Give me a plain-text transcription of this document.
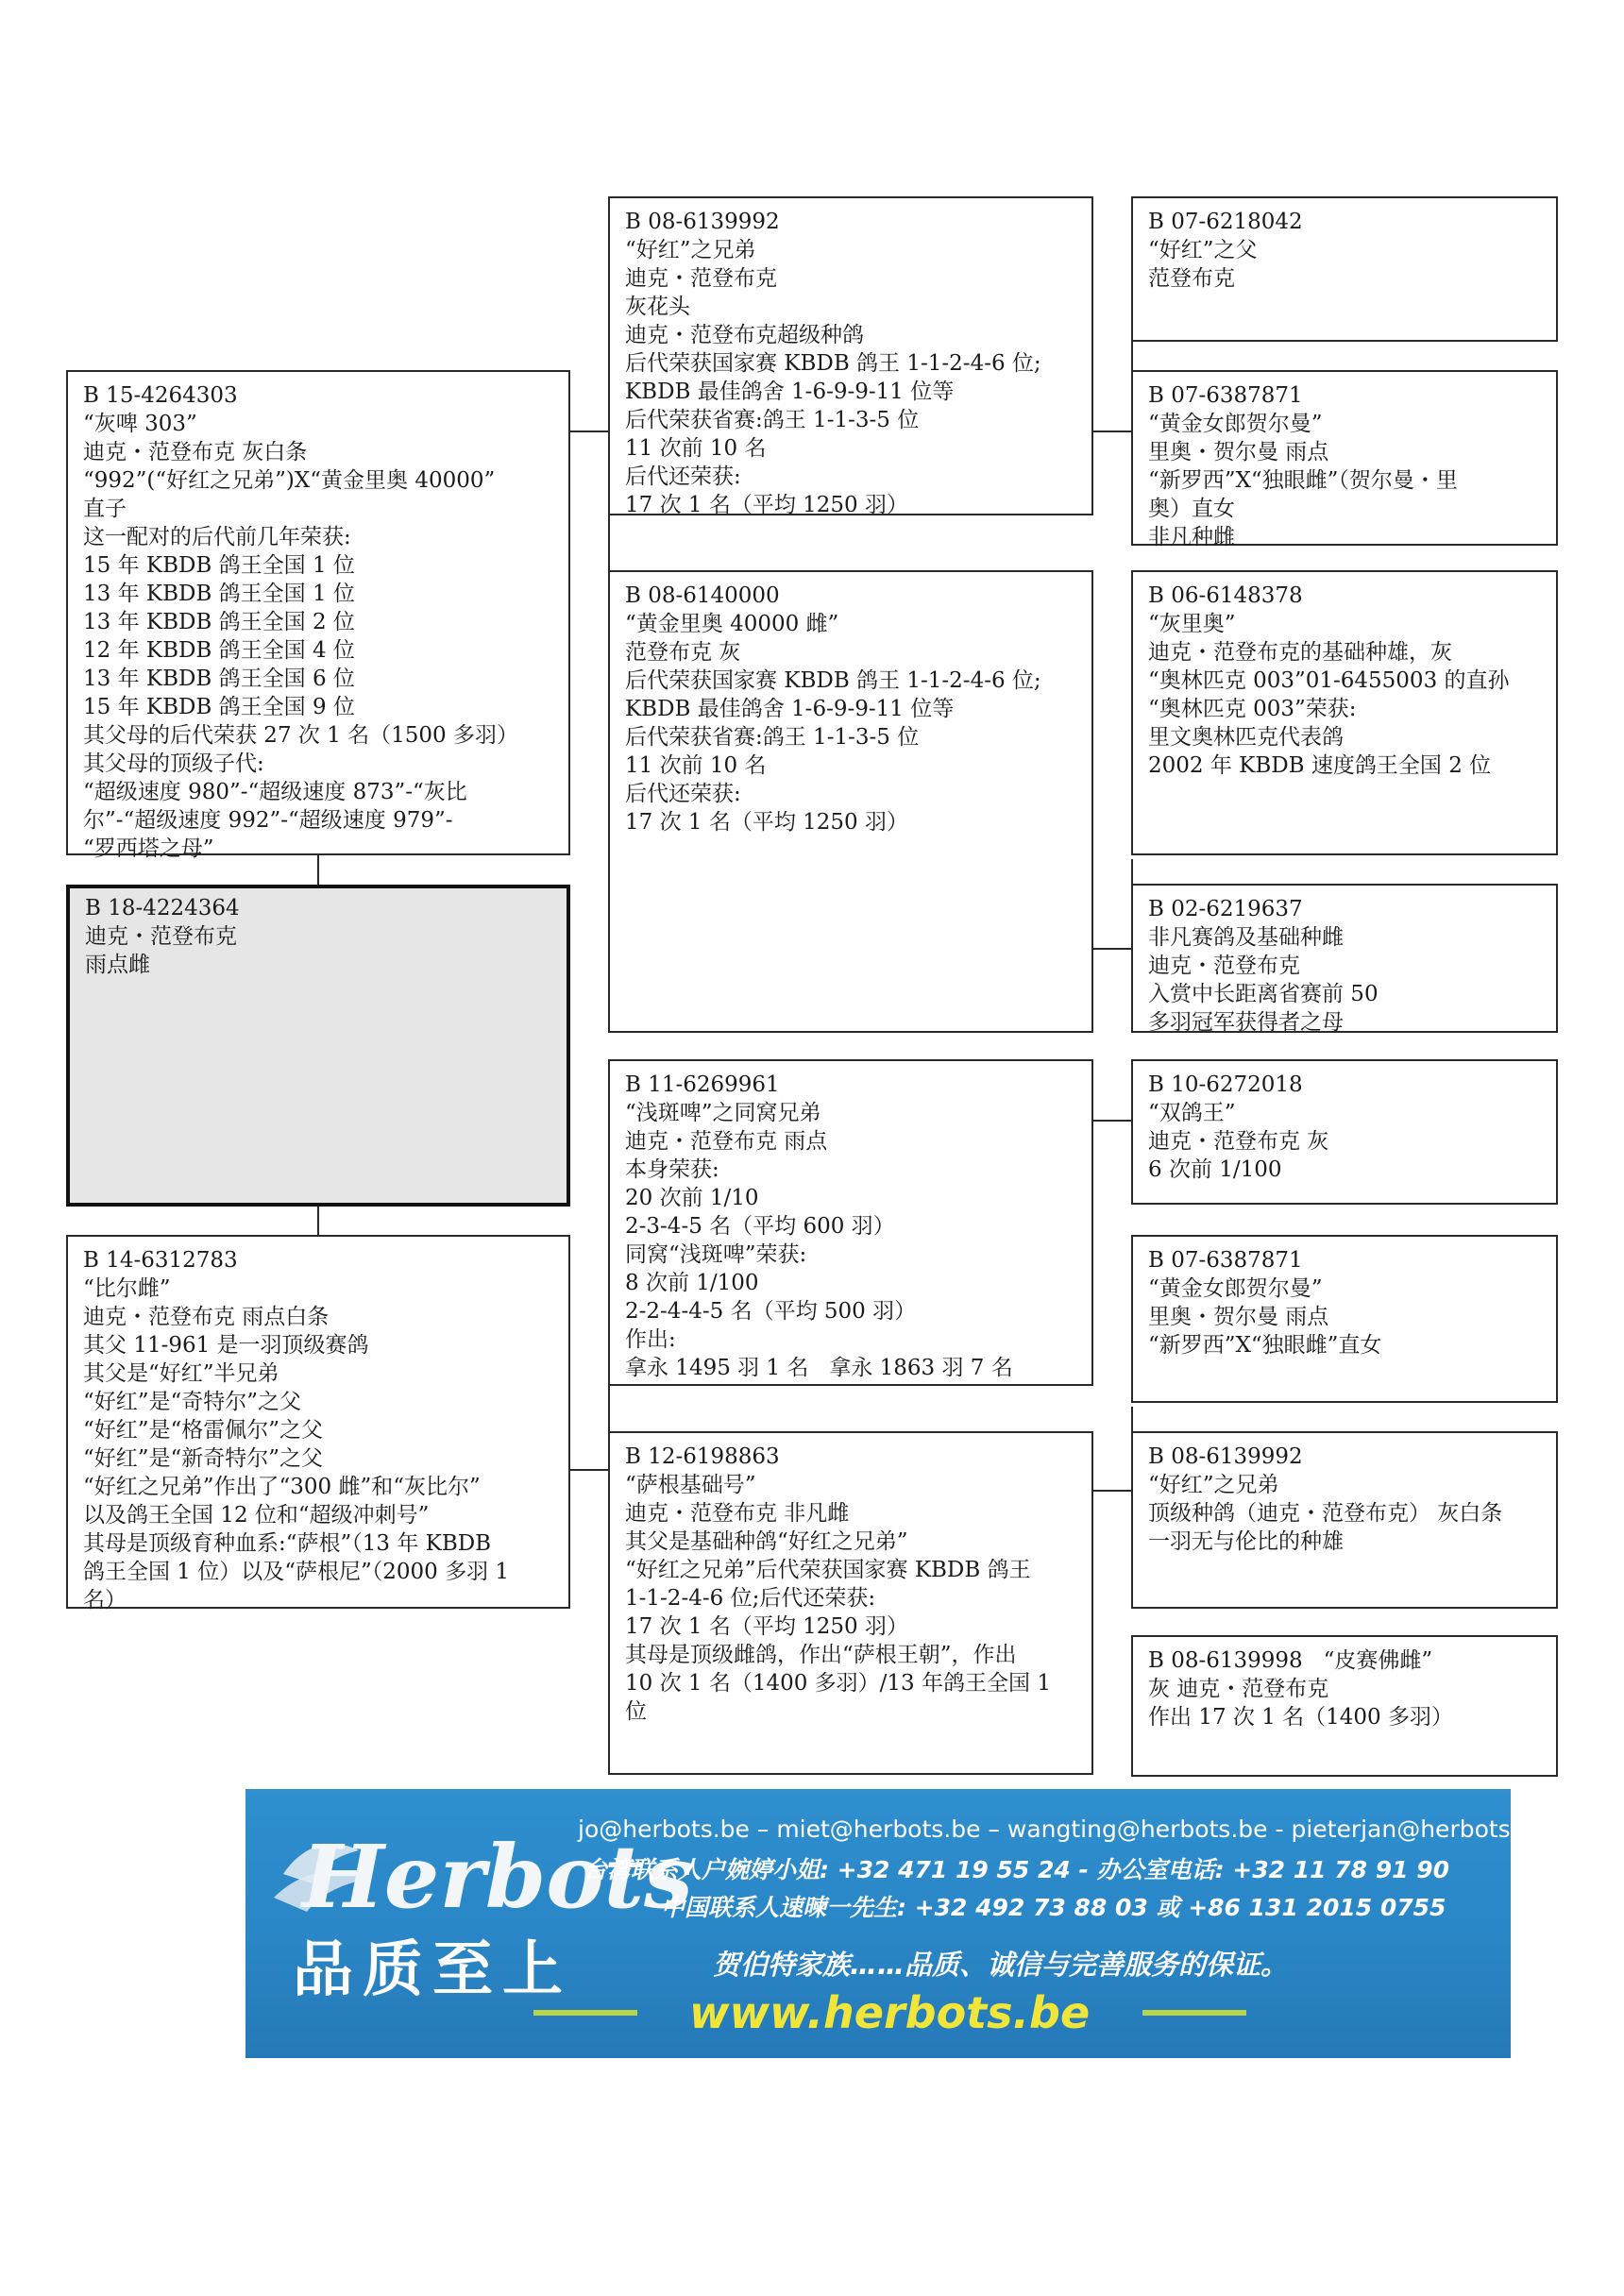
B 18-4224364
迪克・范登布克
雨点雌
B 15-4264303
“灰啤 303”
迪克・范登布克 灰白条
“992”(“好红之兄弟”)X“黄金里奥 40000”
直子
这一配对的后代前几年荣获:
15 年 KBDB 鸽王全国 1 位
13 年 KBDB 鸽王全国 1 位
13 年 KBDB 鸽王全国 2 位
12 年 KBDB 鸽王全国 4 位
13 年 KBDB 鸽王全国 6 位
15 年 KBDB 鸽王全国 9 位
其父母的后代荣获 27 次 1 名（1500 多羽）
其父母的顶级子代:
“超级速度 980”-“超级速度 873”-“灰比
尔”-“超级速度 992”-“超级速度 979”-
“罗西塔之母”
B 14-6312783
“比尔雌”
迪克・范登布克 雨点白条
其父 11-961 是一羽顶级赛鸽
其父是“好红”半兄弟
“好红”是“奇特尔”之父
“好红”是“格雷佩尔”之父
“好红”是“新奇特尔”之父
“好红之兄弟”作出了“300 雌”和“灰比尔”
以及鸽王全国 12 位和“超级冲刺号”
其母是顶级育种血系:“萨根”（13 年 KBDB
鸽王全国 1 位）以及“萨根尼”（2000 多羽 1
名）
B 08-6139992
“好红”之兄弟
迪克・范登布克
灰花头
迪克・范登布克超级种鸽
后代荣获国家赛 KBDB 鸽王 1-1-2-4-6 位;
KBDB 最佳鸽舍 1-6-9-9-11 位等
后代荣获省赛:鸽王 1-1-3-5 位
11 次前 10 名
后代还荣获:
17 次 1 名（平均 1250 羽）
B 08-6140000
“黄金里奥 40000 雌”
范登布克 灰
后代荣获国家赛 KBDB 鸽王 1-1-2-4-6 位;
KBDB 最佳鸽舍 1-6-9-9-11 位等
后代荣获省赛:鸽王 1-1-3-5 位
11 次前 10 名
后代还荣获:
17 次 1 名（平均 1250 羽）
B 11-6269961
“浅斑啤”之同窝兄弟
迪克・范登布克 雨点
本身荣获:
20 次前 1/10
2-3-4-5 名（平均 600 羽）
同窝“浅斑啤”荣获:
8 次前 1/100
2-2-4-4-5 名（平均 500 羽）
作出:
拿永 1495 羽 1 名   拿永 1863 羽 7 名
B 12-6198863
“萨根基础号”
迪克・范登布克 非凡雌
其父是基础种鸽“好红之兄弟”
“好红之兄弟”后代荣获国家赛 KBDB 鸽王
1-1-2-4-6 位;后代还荣获:
17 次 1 名（平均 1250 羽）
其母是顶级雌鸽，作出“萨根王朝”，作出
10 次 1 名（1400 多羽）/13 年鸽王全国 1
位
B 07-6218042
“好红”之父
范登布克
B 07-6387871
“黄金女郎贺尔曼”
里奥・贺尔曼 雨点
“新罗西”X“独眼雌”（贺尔曼・里
奥）直女
非凡种雌
B 06-6148378
“灰里奥”
迪克・范登布克的基础种雄，灰
“奥林匹克 003”01-6455003 的直孙
“奥林匹克 003”荣获:
里文奥林匹克代表鸽
2002 年 KBDB 速度鸽王全国 2 位
B 02-6219637
非凡赛鸽及基础种雌
迪克・范登布克
入赏中长距离省赛前 50
多羽冠军获得者之母
B 10-6272018
“双鸽王”
迪克・范登布克 灰
6 次前 1/100
B 07-6387871
“黄金女郎贺尔曼”
里奥・贺尔曼 雨点
“新罗西”X“独眼雌”直女
B 08-6139992
“好红”之兄弟
顶级种鸽（迪克・范登布克） 灰白条
一羽无与伦比的种雄
B 08-6139998   “皮赛佛雌”
灰 迪克・范登布克
作出 17 次 1 名（1400 多羽）
Herbots
品质至上
jo@herbots.be – miet@herbots.be – wangting@herbots.be - pieterjan@herbots.be
台湾联系人户婉婷小姐: +32 471 19 55 24 - 办公室电话: +32 11 78 91 90
中国联系人速暕一先生: +32 492 73 88 03 或 +86 131 2015 0755
贺伯特家族……品质、诚信与完善服务的保证。
www.herbots.be
